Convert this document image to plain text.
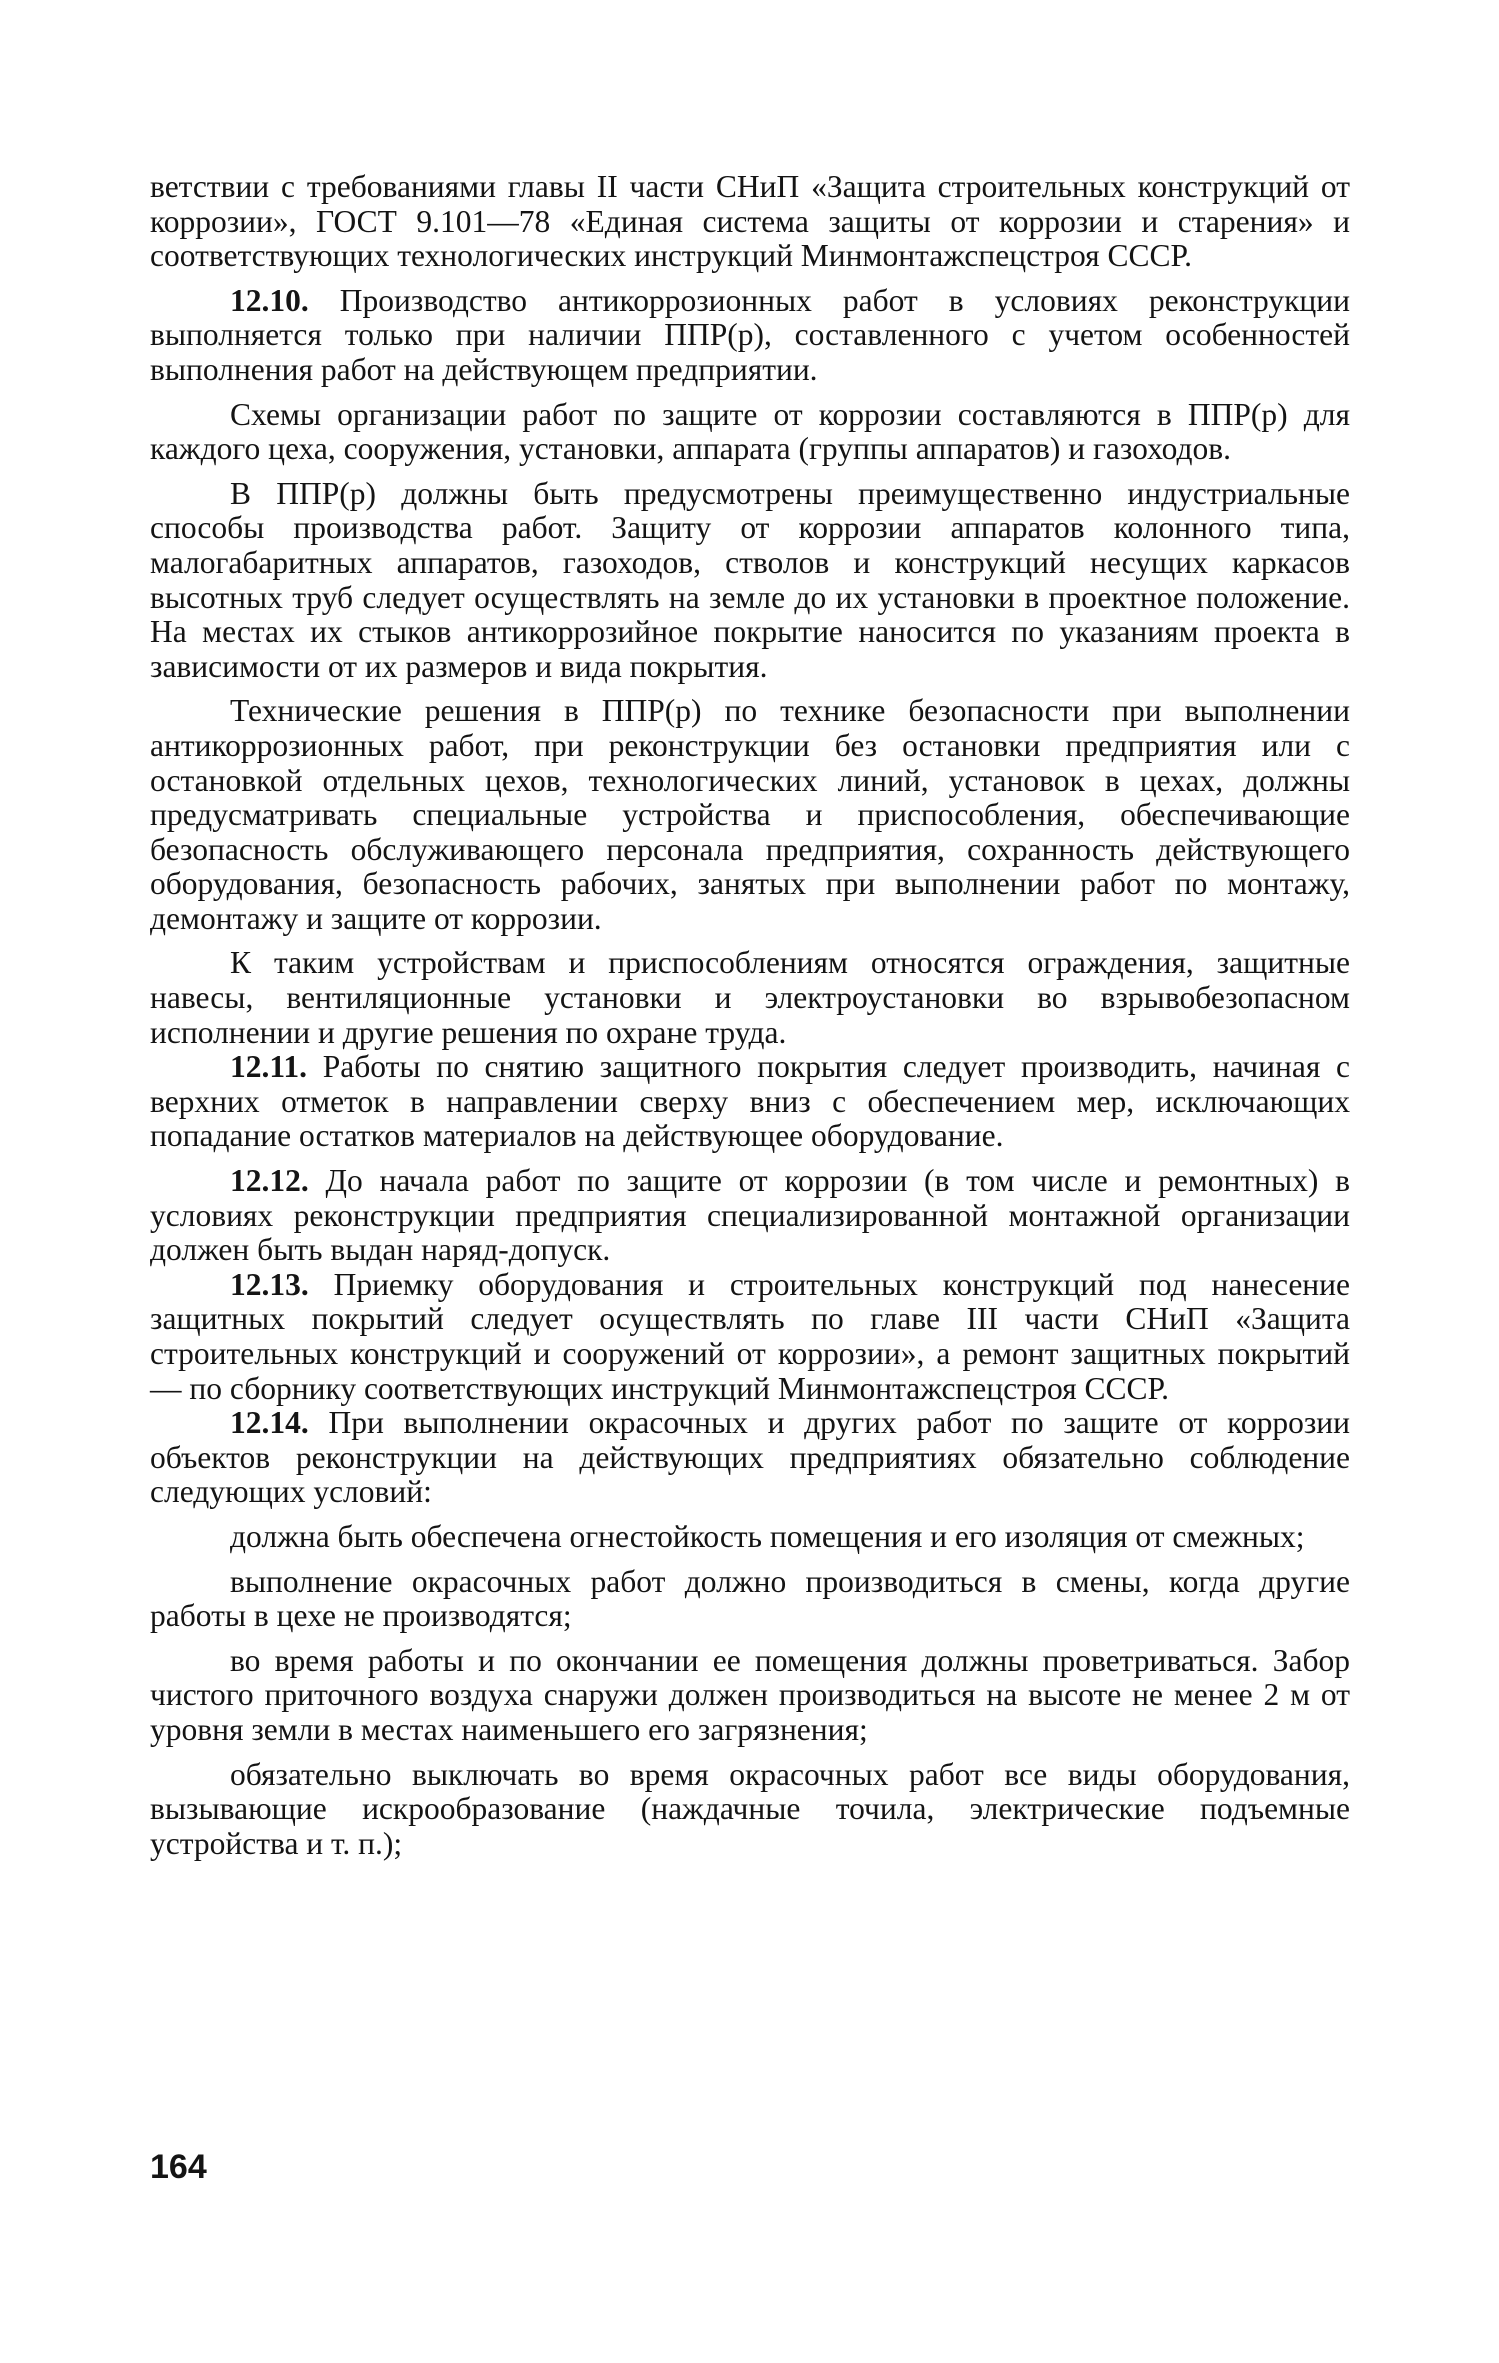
ветствии с требованиями главы II части СНиП «Защита строительных конструкций от коррозии», ГОСТ 9.101—78 «Единая система защиты от коррозии и старения» и соответствующих технологических инструкций Минмонтажспецстроя СССР.

12.10. Производство антикоррозионных работ в условиях реконструкции выполняется только при наличии ППР(р), составленного с учетом особенностей выполнения работ на действующем предприятии.

Схемы организации работ по защите от коррозии составляются в ППР(р) для каждого цеха, сооружения, установки, аппарата (группы аппаратов) и газоходов.

В ППР(р) должны быть предусмотрены преимущественно индустриальные способы производства работ. Защиту от коррозии аппаратов колонного типа, малогабаритных аппаратов, газоходов, стволов и конструкций несущих каркасов высотных труб следует осуществлять на земле до их установки в проектное положение. На местах их стыков антикоррозийное покрытие наносится по указаниям проекта в зависимости от их размеров и вида покрытия.

Технические решения в ППР(р) по технике безопасности при выполнении антикоррозионных работ, при реконструкции без остановки предприятия или с остановкой отдельных цехов, технологических линий, установок в цехах, должны предусматривать специальные устройства и приспособления, обеспечивающие безопасность обслуживающего персонала предприятия, сохранность действующего оборудования, безопасность рабочих, занятых при выполнении работ по монтажу, демонтажу и защите от коррозии.

К таким устройствам и приспособлениям относятся ограждения, защитные навесы, вентиляционные установки и электроустановки во взрывобезопасном исполнении и другие решения по охране труда.

12.11. Работы по снятию защитного покрытия следует производить, начиная с верхних отметок в направлении сверху вниз с обеспечением мер, исключающих попадание остатков материалов на действующее оборудование.

12.12. До начала работ по защите от коррозии (в том числе и ремонтных) в условиях реконструкции предприятия специализированной монтажной организации должен быть выдан наряд-допуск.

12.13. Приемку оборудования и строительных конструкций под нанесение защитных покрытий следует осуществлять по главе III части СНиП «Защита строительных конструкций и сооружений от коррозии», а ремонт защитных покрытий — по сборнику соответствующих инструкций Минмонтажспецстроя СССР.

12.14. При выполнении окрасочных и других работ по защите от коррозии объектов реконструкции на действующих предприятиях обязательно соблюдение следующих условий:

должна быть обеспечена огнестойкость помещения и его изоляция от смежных;

выполнение окрасочных работ должно производиться в смены, когда другие работы в цехе не производятся;

во время работы и по окончании ее помещения должны проветриваться. Забор чистого приточного воздуха снаружи должен производиться на высоте не менее 2 м от уровня земли в местах наименьшего его загрязнения;

обязательно выключать во время окрасочных работ все виды оборудования, вызывающие искрообразование (наждачные точила, электрические подъемные устройства и т. п.);

164
